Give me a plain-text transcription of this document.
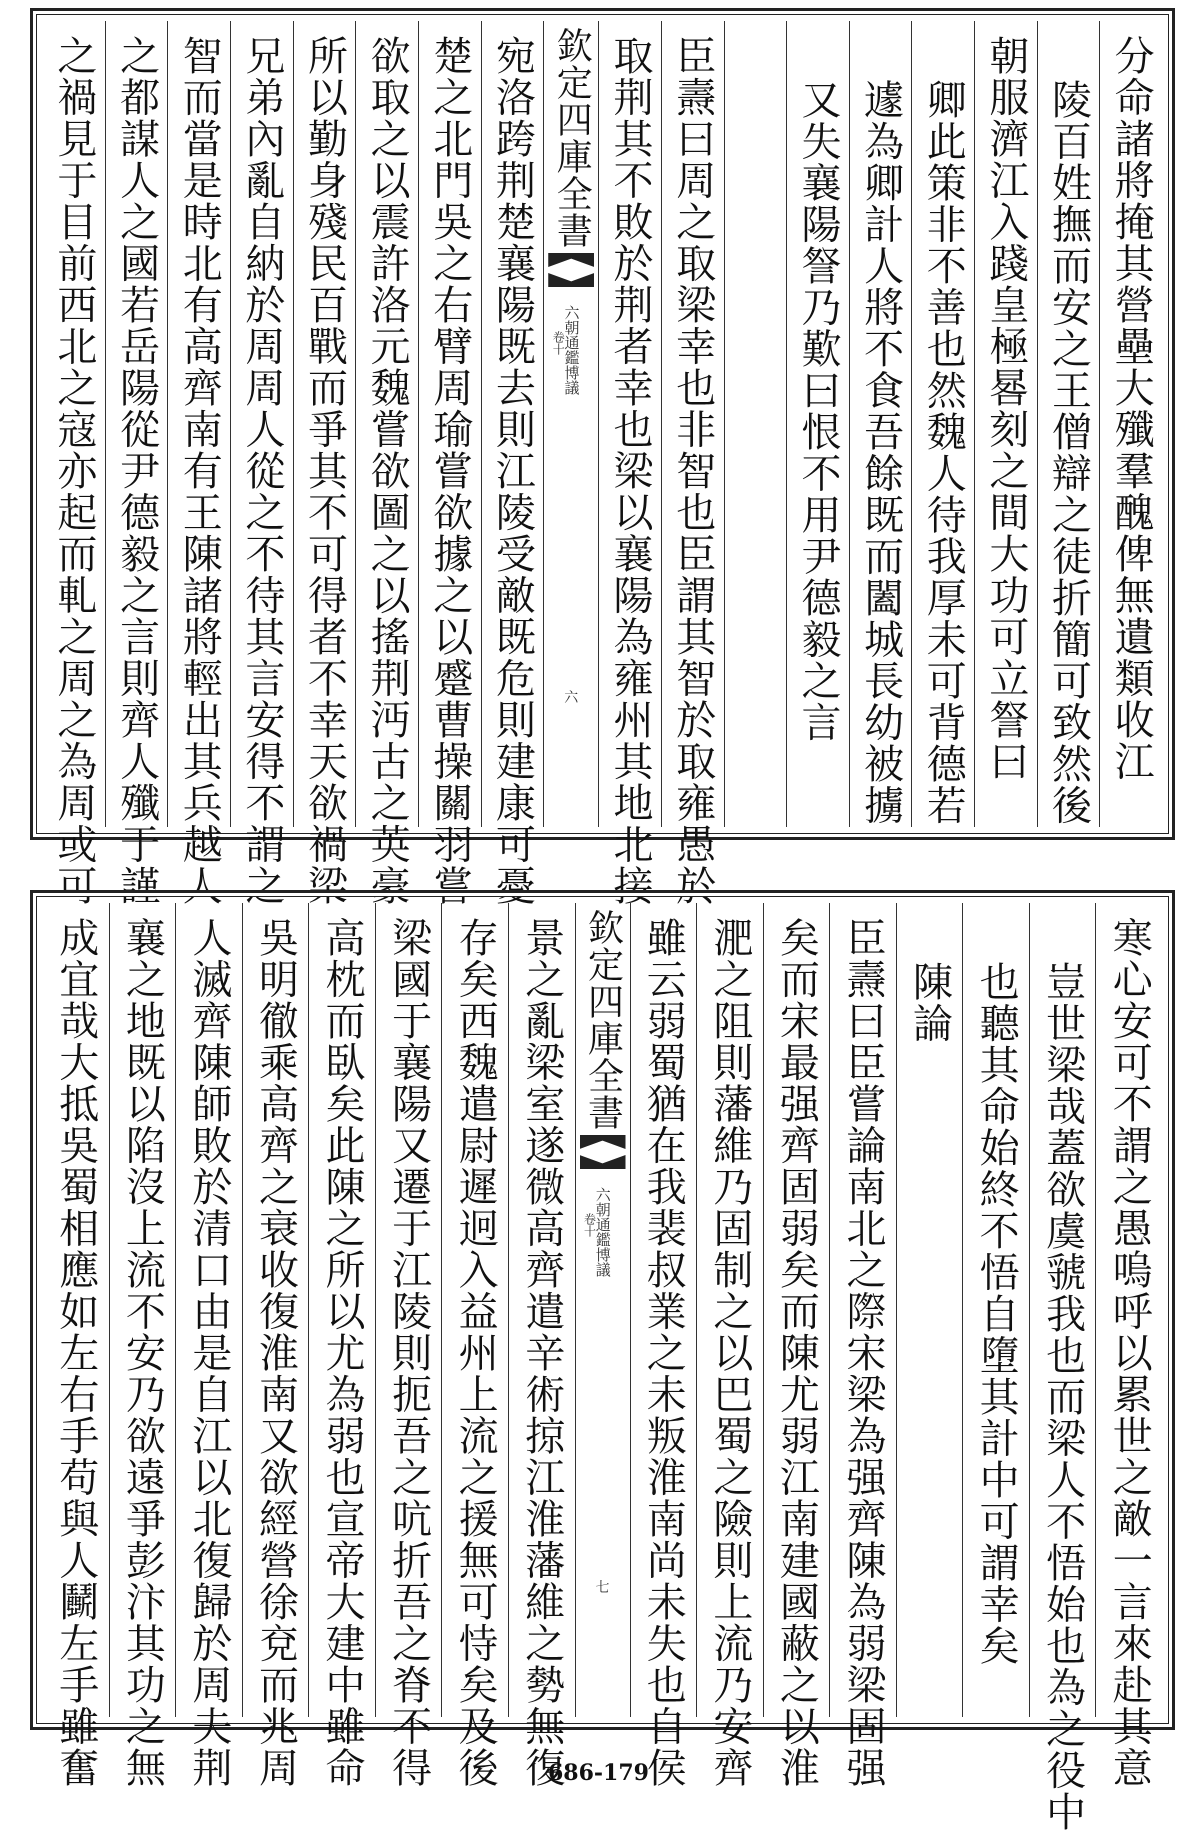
分命諸將掩其營壘大殲羣醜俾無遺類收江
陵百姓撫而安之王僧辯之徒折簡可致然後
朝服濟江入踐皇極晷刻之間大功可立詧曰
卿此策非不善也然魏人待我厚未可背德若
遽為卿計人將不食吾餘既而闔城長幼被擄
又失襄陽詧乃歎曰恨不用尹德毅之言
臣燾曰周之取梁幸也非智也臣謂其智於取雍愚於
取荆其不敗於荆者幸也梁以襄陽為雍州其地北接
欽定四庫全書
六朝通鑑博議
卷十
六
宛洛跨荆楚襄陽既去則江陵受敵既危則建康可憂
楚之北門吳之右臂周瑜嘗欲據之以蹙曹操關羽嘗
欲取之以震許洛元魏嘗欲圖之以搖荆沔古之英豪
所以勤身殘民百戰而爭其不可得者不幸天欲禍梁
兄弟內亂自納於周周人從之不待其言安得不謂之
智而當是時北有高齊南有王陳諸將輕出其兵越人
之都謀人之國若岳陽從尹德毅之言則齊人殲于謹
之禍見于目前西北之寇亦起而軋之周之為周或可
寒心安可不謂之愚嗚呼以累世之敵一言來赴其意
豈世梁哉蓋欲虞虢我也而梁人不悟始也為之役中
也聽其命始終不悟自墮其計中可謂幸矣
陳論
臣燾曰臣嘗論南北之際宋梁為强齊陳為弱梁固强
矣而宋最强齊固弱矣而陳尤弱江南建國蔽之以淮
淝之阻則藩維乃固制之以巴蜀之險則上流乃安齊
雖云弱蜀猶在我裴叔業之未叛淮南尚未失也自侯
欽定四庫全書
六朝通鑑博議
卷十
七
景之亂梁室遂微高齊遣辛術掠江淮藩維之勢無復
存矣西魏遣尉遲迥入益州上流之援無可恃矣及後
梁國于襄陽又遷于江陵則扼吾之吭折吾之脊不得
高枕而臥矣此陳之所以尤為弱也宣帝大建中雖命
吳明徹乘高齊之衰收復淮南又欲經營徐兗而兆周
人滅齊陳師敗於清口由是自江以北復歸於周夫荆
襄之地既以陷沒上流不安乃欲遠爭彭汴其功之無
成宜哉大抵吳蜀相應如左右手苟與人鬭左手雖奮	686-179
